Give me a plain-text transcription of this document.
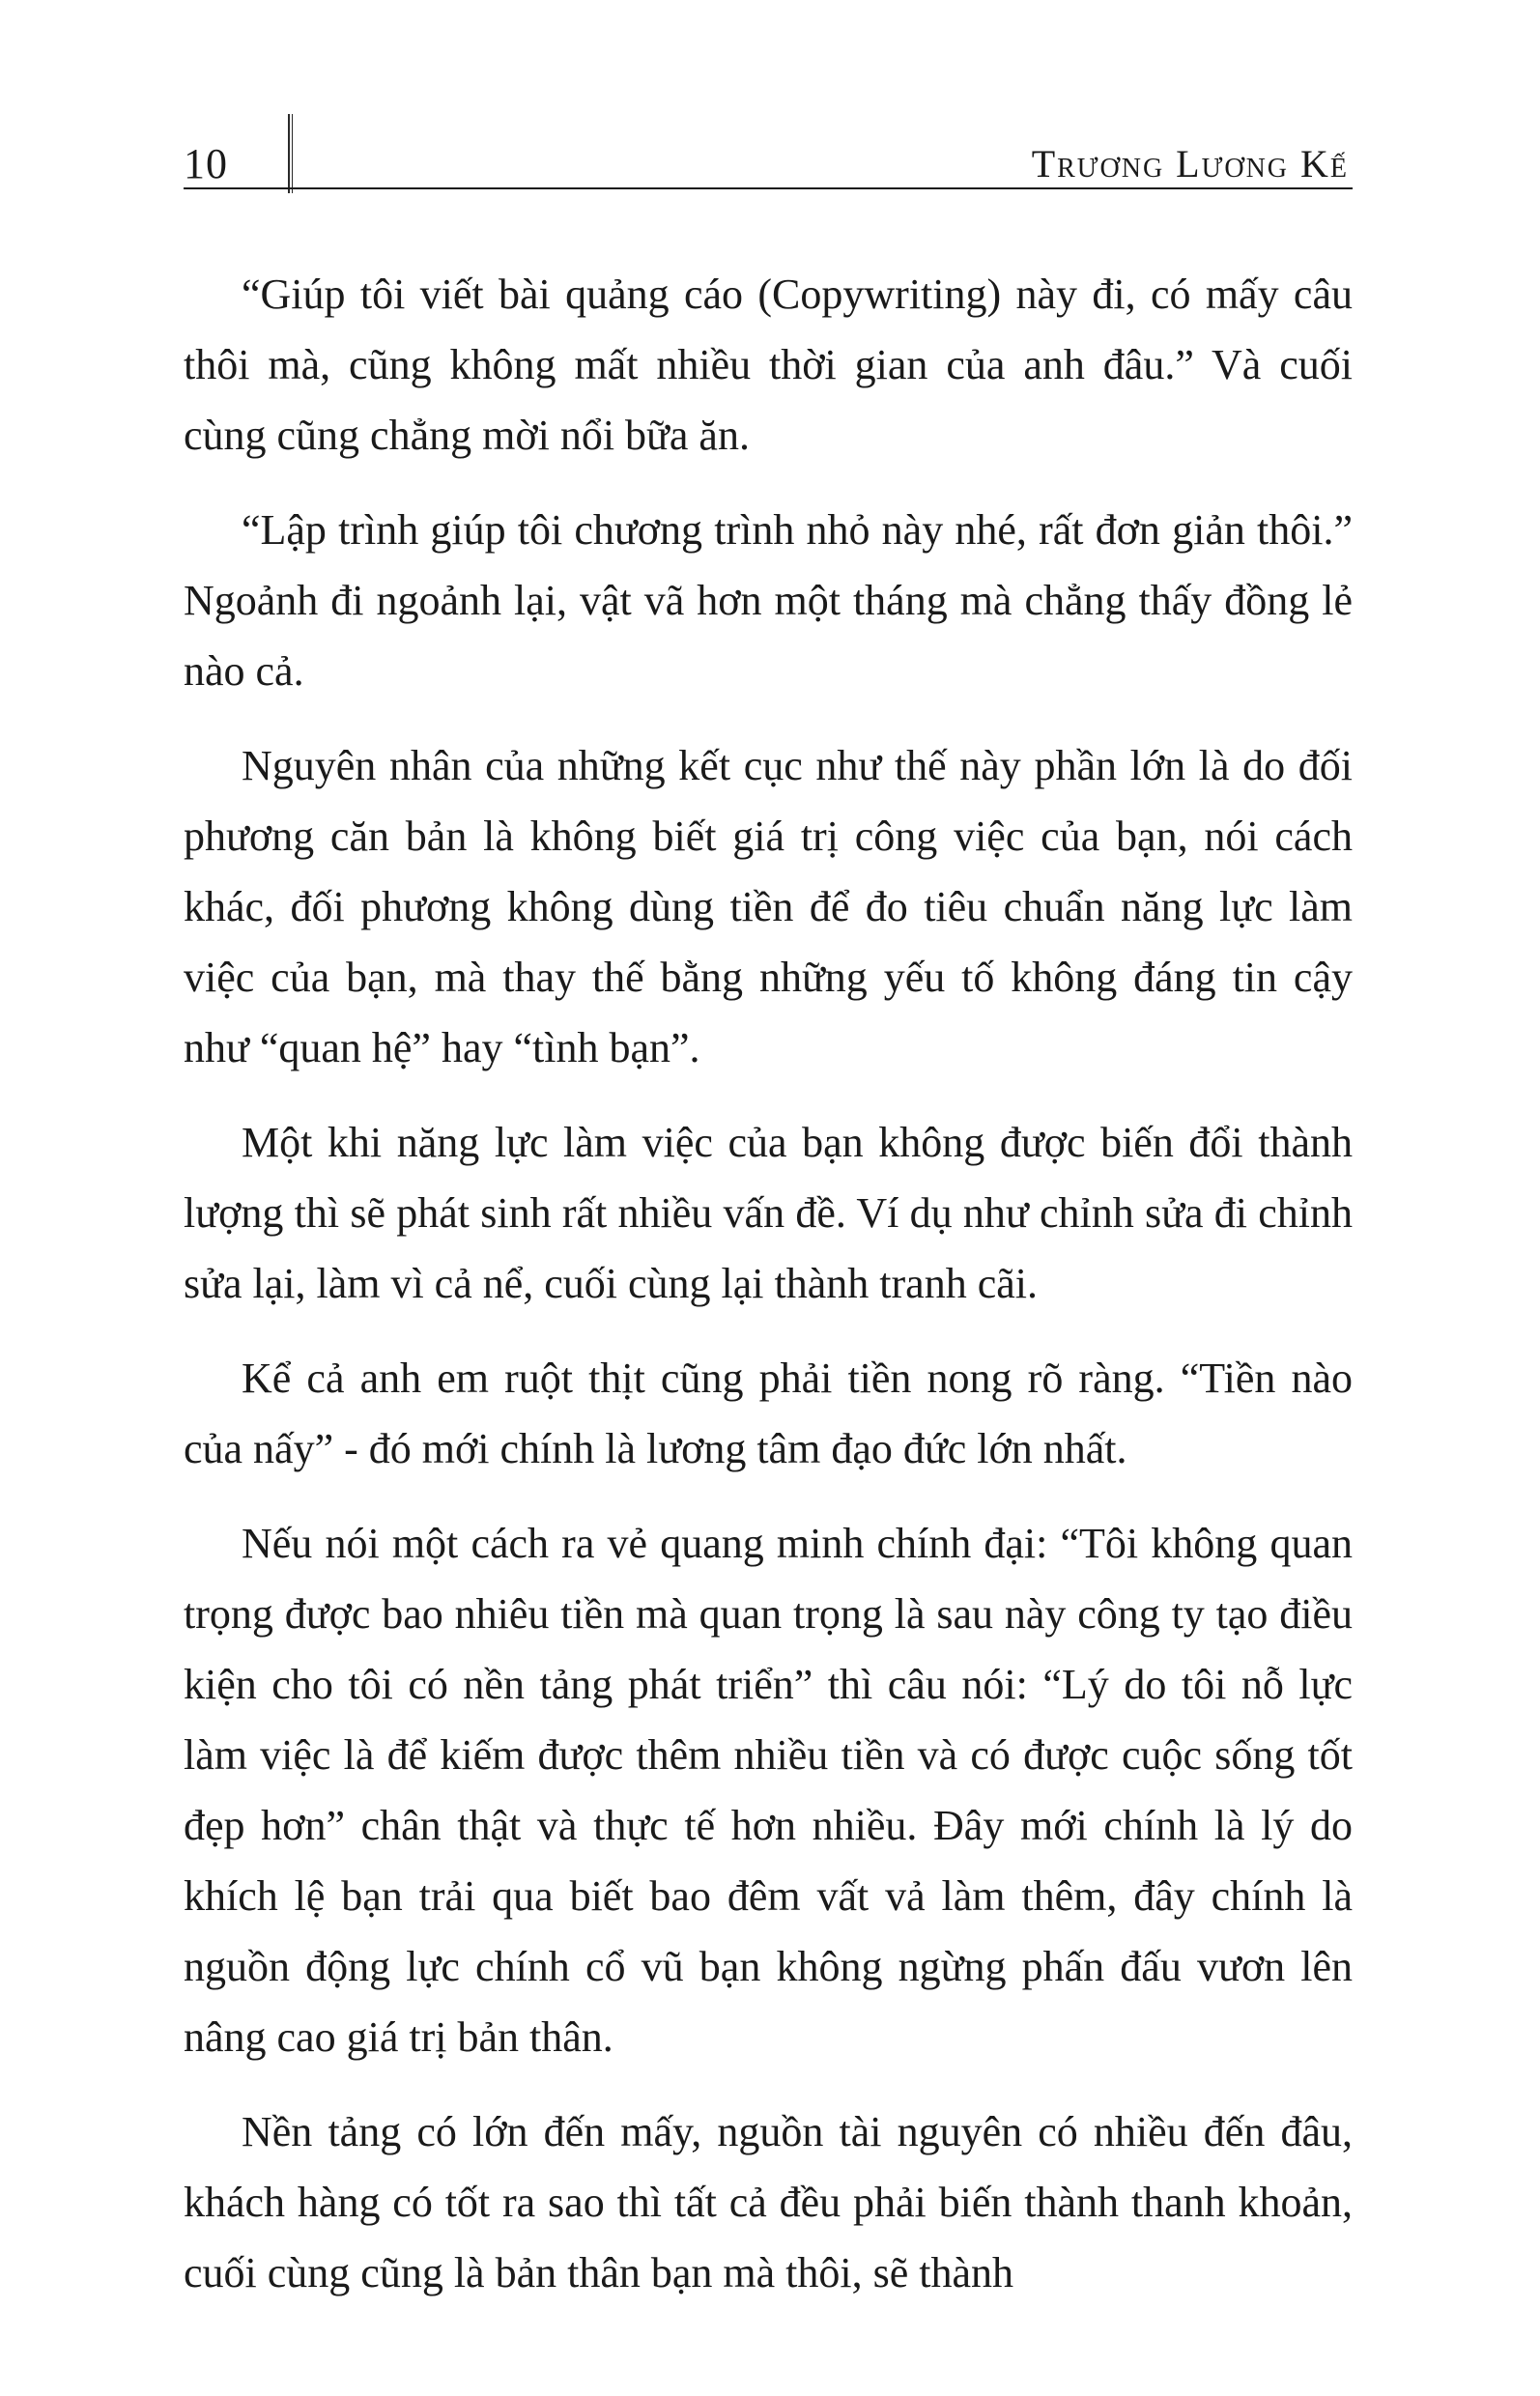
10	Trương Lương Kế

“Giúp tôi viết bài quảng cáo (Copywriting) này đi, có mấy câu thôi mà, cũng không mất nhiều thời gian của anh đâu.” Và cuối cùng cũng chẳng mời nổi bữa ăn.

“Lập trình giúp tôi chương trình nhỏ này nhé, rất đơn giản thôi.” Ngoảnh đi ngoảnh lại, vật vã hơn một tháng mà chẳng thấy đồng lẻ nào cả.

Nguyên nhân của những kết cục như thế này phần lớn là do đối phương căn bản là không biết giá trị công việc của bạn, nói cách khác, đối phương không dùng tiền để đo tiêu chuẩn năng lực làm việc của bạn, mà thay thế bằng những yếu tố không đáng tin cậy như “quan hệ” hay “tình bạn”.

Một khi năng lực làm việc của bạn không được biến đổi thành lượng thì sẽ phát sinh rất nhiều vấn đề. Ví dụ như chỉnh sửa đi chỉnh sửa lại, làm vì cả nể, cuối cùng lại thành tranh cãi.

Kể cả anh em ruột thịt cũng phải tiền nong rõ ràng. “Tiền nào của nấy” - đó mới chính là lương tâm đạo đức lớn nhất.

Nếu nói một cách ra vẻ quang minh chính đại: “Tôi không quan trọng được bao nhiêu tiền mà quan trọng là sau này công ty tạo điều kiện cho tôi có nền tảng phát triển” thì câu nói: “Lý do tôi nỗ lực làm việc là để kiếm được thêm nhiều tiền và có được cuộc sống tốt đẹp hơn” chân thật và thực tế hơn nhiều. Đây mới chính là lý do khích lệ bạn trải qua biết bao đêm vất vả làm thêm, đây chính là nguồn động lực chính cổ vũ bạn không ngừng phấn đấu vươn lên nâng cao giá trị bản thân.

Nền tảng có lớn đến mấy, nguồn tài nguyên có nhiều đến đâu, khách hàng có tốt ra sao thì tất cả đều phải biến thành thanh khoản, cuối cùng cũng là bản thân bạn mà thôi, sẽ thành
